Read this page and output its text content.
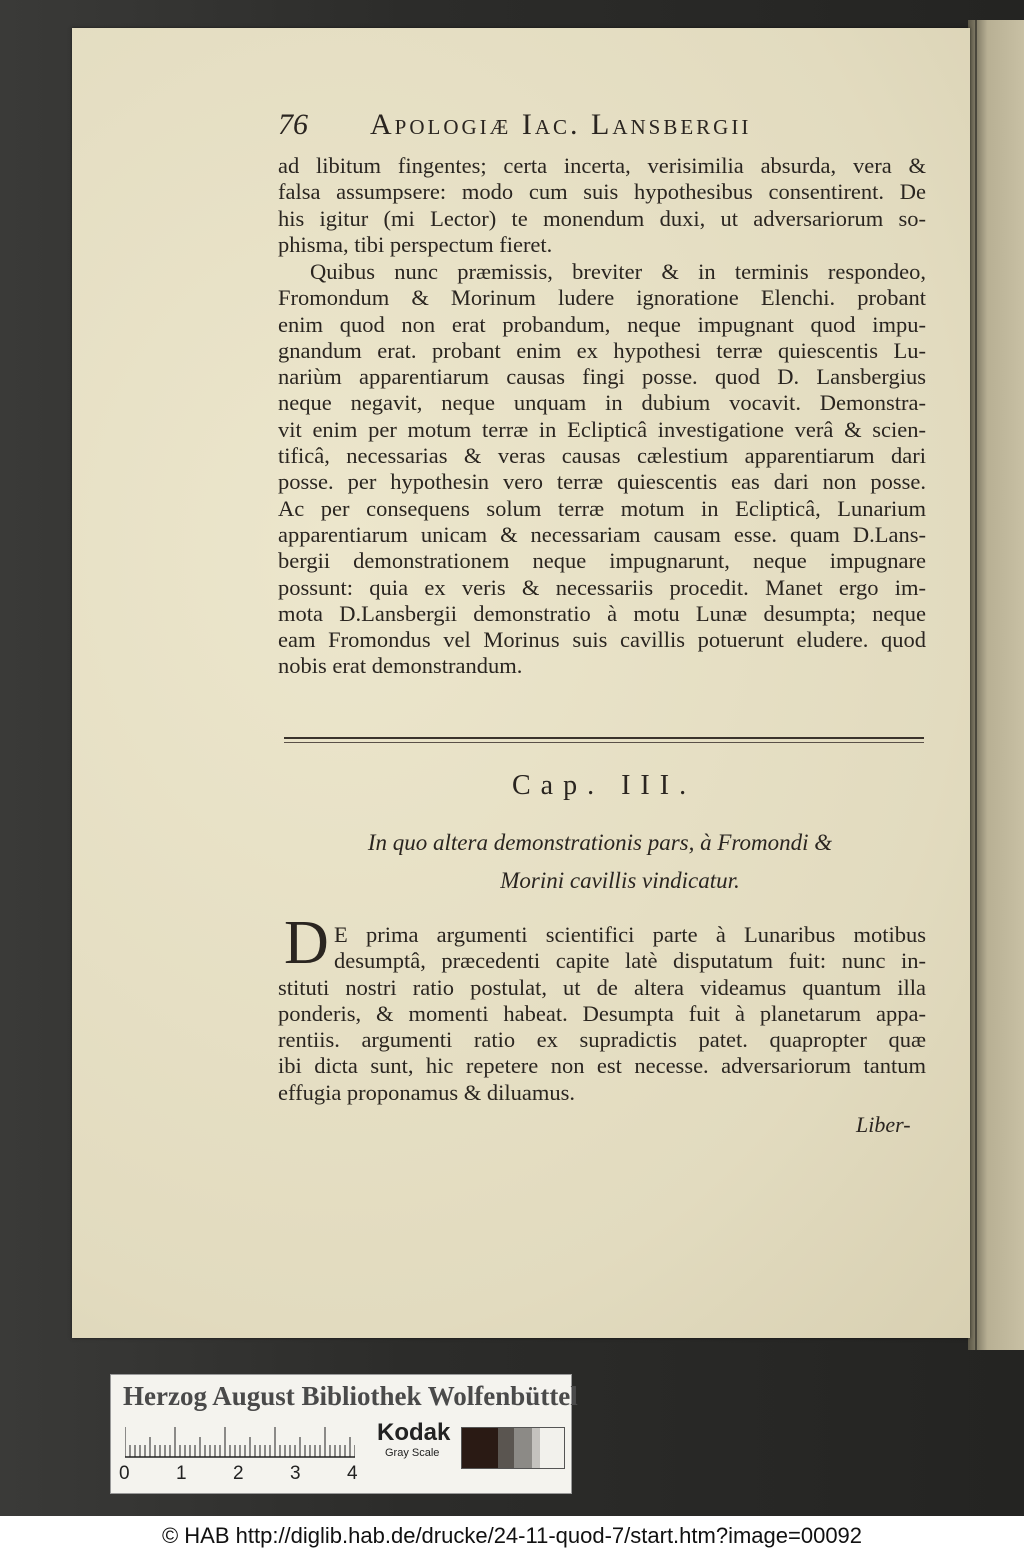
76 Apologiæ Iac. Lansbergii
ad libitum fingentes; certa incerta, verisimilia absurda, vera &
falsa assumpsere: modo cum suis hypothesibus consentirent. De
his igitur (mi Lector) te monendum duxi, ut adversariorum so-
phisma, tibi perspectum fieret.
Quibus nunc præmissis, breviter & in terminis respondeo,
Fromondum & Morinum ludere ignoratione Elenchi. probant
enim quod non erat probandum, neque impugnant quod impu-
gnandum erat. probant enim ex hypothesi terræ quiescentis Lu-
nariùm apparentiarum causas fingi posse. quod D. Lansbergius
neque negavit, neque unquam in dubium vocavit. Demonstra-
vit enim per motum terræ in Eclipticâ investigatione verâ & scien-
tificâ, necessarias & veras causas cælestium apparentiarum dari
posse. per hypothesin vero terræ quiescentis eas dari non posse.
Ac per consequens solum terræ motum in Eclipticâ, Lunarium
apparentiarum unicam & necessariam causam esse. quam D.Lans-
bergii demonstrationem neque impugnarunt, neque impugnare
possunt: quia ex veris & necessariis procedit. Manet ergo im-
mota D.Lansbergii demonstratio à motu Lunæ desumpta; neque
eam Fromondus vel Morinus suis cavillis potuerunt eludere. quod
nobis erat demonstrandum.
Cap. III.
In quo altera demonstrationis pars, à Fromondi &
Morini cavillis vindicatur.
D E prima argumenti scientifici parte à Lunaribus motibus
desumptâ, præcedenti capite latè disputatum fuit: nunc in-
stituti nostri ratio postulat, ut de altera videamus quantum illa
ponderis, & momenti habeat. Desumpta fuit à planetarum appa-
rentiis. argumenti ratio ex supradictis patet. quapropter quæ
ibi dicta sunt, hic repetere non est necesse. adversariorum tantum
effugia proponamus & diluamus.
Liber-
Herzog August Bibliothek Wolfenbüttel
0 1 2 3 4
Kodak
Gray Scale
© HAB http://diglib.hab.de/drucke/24-11-quod-7/start.htm?image=00092
